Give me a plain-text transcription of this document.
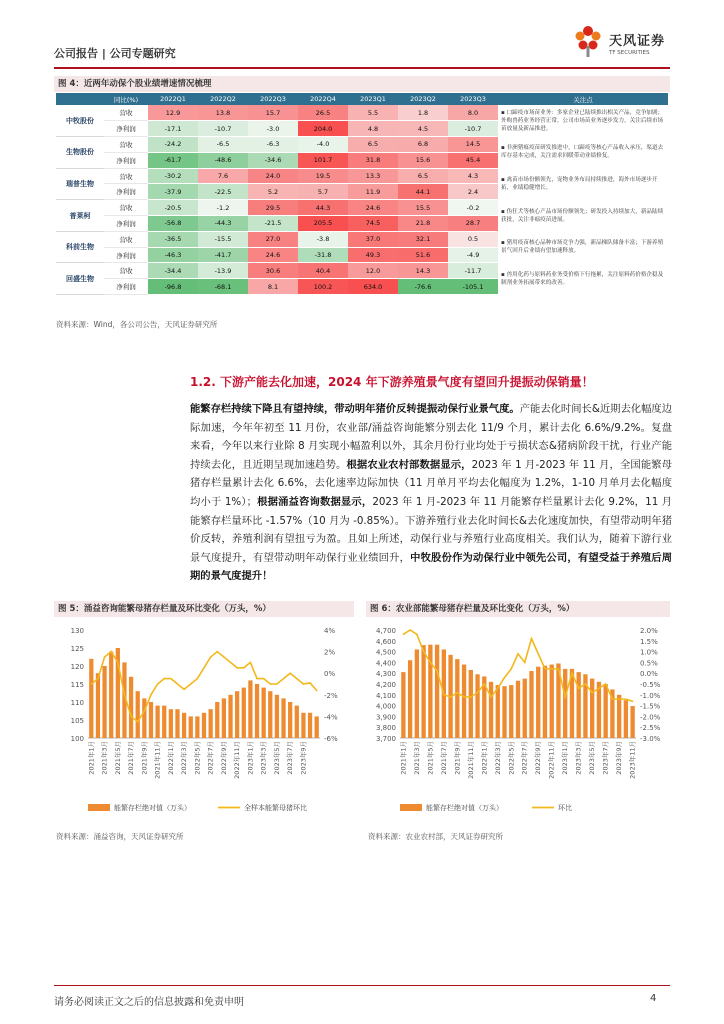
公司报告 | 公司专题研究
天风证券
TF SECURITIES
图 4：近两年动保个股业绩增速情况梳理
	同比(%)	2022Q1	2022Q2	2022Q3	2022Q4	2023Q1	2023Q2	2023Q3	关注点
中牧股份	营收	12.9	13.8	15.7	26.5	5.5	1.8	8.0	▪ 口蹄疫市场苗业务：多家企业已陆续推出相关产品，竞争加剧；外购兽药业务经营正常，公司市场苗业务逐步发力，关注后续市场苗放量及新品推进。
	净利润	-17.1	-10.7	-3.0	204.0	4.8	4.5	-10.7	
生物股份	营收	-24.2	-6.5	-6.3	-4.0	6.5	6.8	14.5	▪ 非洲猪瘟疫苗研发推进中，口蹄疫等核心产品收入承压，渠道去库存基本完成，关注需求回暖带动业绩修复。
	净利润	-61.7	-48.6	-34.6	101.7	31.8	15.6	45.4	
瑞普生物	营收	-30.2	7.6	24.0	19.5	13.3	6.5	4.3	▪ 禽苗市场份额领先，宠物业务布局持续推进，海外市场逐步开拓，业绩稳健增长。
	净利润	-37.9	-22.5	5.2	5.7	11.9	44.1	2.4	
普莱柯	营收	-20.5	-1.2	29.5	44.3	24.6	15.5	-0.2	▪ 伪狂犬等核心产品市场份额领先；研发投入持续加大，新品陆续获批，关注非瘟疫苗进展。
	净利润	-56.8	-44.3	-21.5	205.5	74.5	21.8	28.7	
科前生物	营收	-36.5	-15.5	27.0	-3.8	37.0	32.1	0.5	▪ 猪用疫苗核心品种市场竞争力强，新品梯队储备丰富；下游养殖景气回升后业绩有望加速释放。
	净利润	-46.3	-41.7	24.6	-31.8	49.3	51.6	-4.9	
回盛生物	营收	-34.4	-13.9	30.6	40.4	12.0	14.3	-11.7	▪ 兽用化药与原料药业务受价格下行拖累，关注原料药价格企稳及制剂业务拓展带来的改善。
	净利润	-96.8	-68.1	8.1	100.2	634.0	-76.6	-105.1	
资料来源：Wind，各公司公告，天风证券研究所
1.2. 下游产能去化加速，2024 年下游养殖景气度有望回升提振动保销量！
能繁存栏持续下降且有望持续，带动明年猪价反转提振动保行业景气度。产能去化时间长&近期去化幅度边际加速，今年年初至 11 月份，农业部/涌益咨询能繁分别去化 11/9 个月，累计去化 6.6%/9.2%。复盘来看，今年以来行业除 8 月实现小幅盈利以外，其余月份行业均处于亏损状态&猪病阶段干扰，行业产能持续去化，且近期呈现加速趋势。根据农业农村部数据显示，2023 年 1 月-2023 年 11 月，全国能繁母猪存栏量累计去化 6.6%，去化速率边际加快（11 月单月平均去化幅度为 1.2%，1-10 月单月去化幅度均小于 1%）；根据涌益咨询数据显示，2023 年 1 月-2023 年 11 月能繁存栏量累计去化 9.2%，11 月能繁存栏量环比 -1.57%（10 月为 -0.85%）。下游养殖行业去化时间长&去化速度加快，有望带动明年猪价反转，养殖利润有望扭亏为盈。且如上所述，动保行业与养殖行业高度相关。我们认为，随着下游行业景气度提升，有望带动明年动保行业业绩回升，中牧股份作为动保行业中领先公司，有望受益于养殖后周期的景气度提升！
图 5：涌益咨询能繁母猪存栏量及环比变化（万头，%）
130
125
120
115
110
105
100
4%
2%
0%
-2%
-4%
-6%
2021年1月 2021年3月 2021年5月 2021年7月 2021年9月 2021年11月 2022年1月 2022年3月 2022年5月 2022年7月 2022年9月 2022年11月 2023年1月 2023年3月 2023年5月 2023年7月 2023年9月
能繁存栏绝对值（万头）	全样本能繁母猪环比
资料来源：涌益咨询，天风证券研究所
图 6：农业部能繁母猪存栏量及环比变化（万头，%）
4,700
4,600
4,500
4,400
4,300
4,200
4,100
4,000
3,900
3,800
3,700
2.0%
1.5%
1.0%
0.5%
0.0%
-0.5%
-1.0%
-1.5%
-2.0%
-2.5%
-3.0%
2021年1月 2021年3月 2021年5月 2021年7月 2021年9月 2021年11月 2022年1月 2022年3月 2022年5月 2022年7月 2022年9月 2022年11月 2023年1月 2023年3月 2023年5月 2023年7月 2023年9月 2023年11月
能繁存栏绝对值（万头）	环比
资料来源：农业农村部，天风证券研究所
请务必阅读正文之后的信息披露和免责申明	4
